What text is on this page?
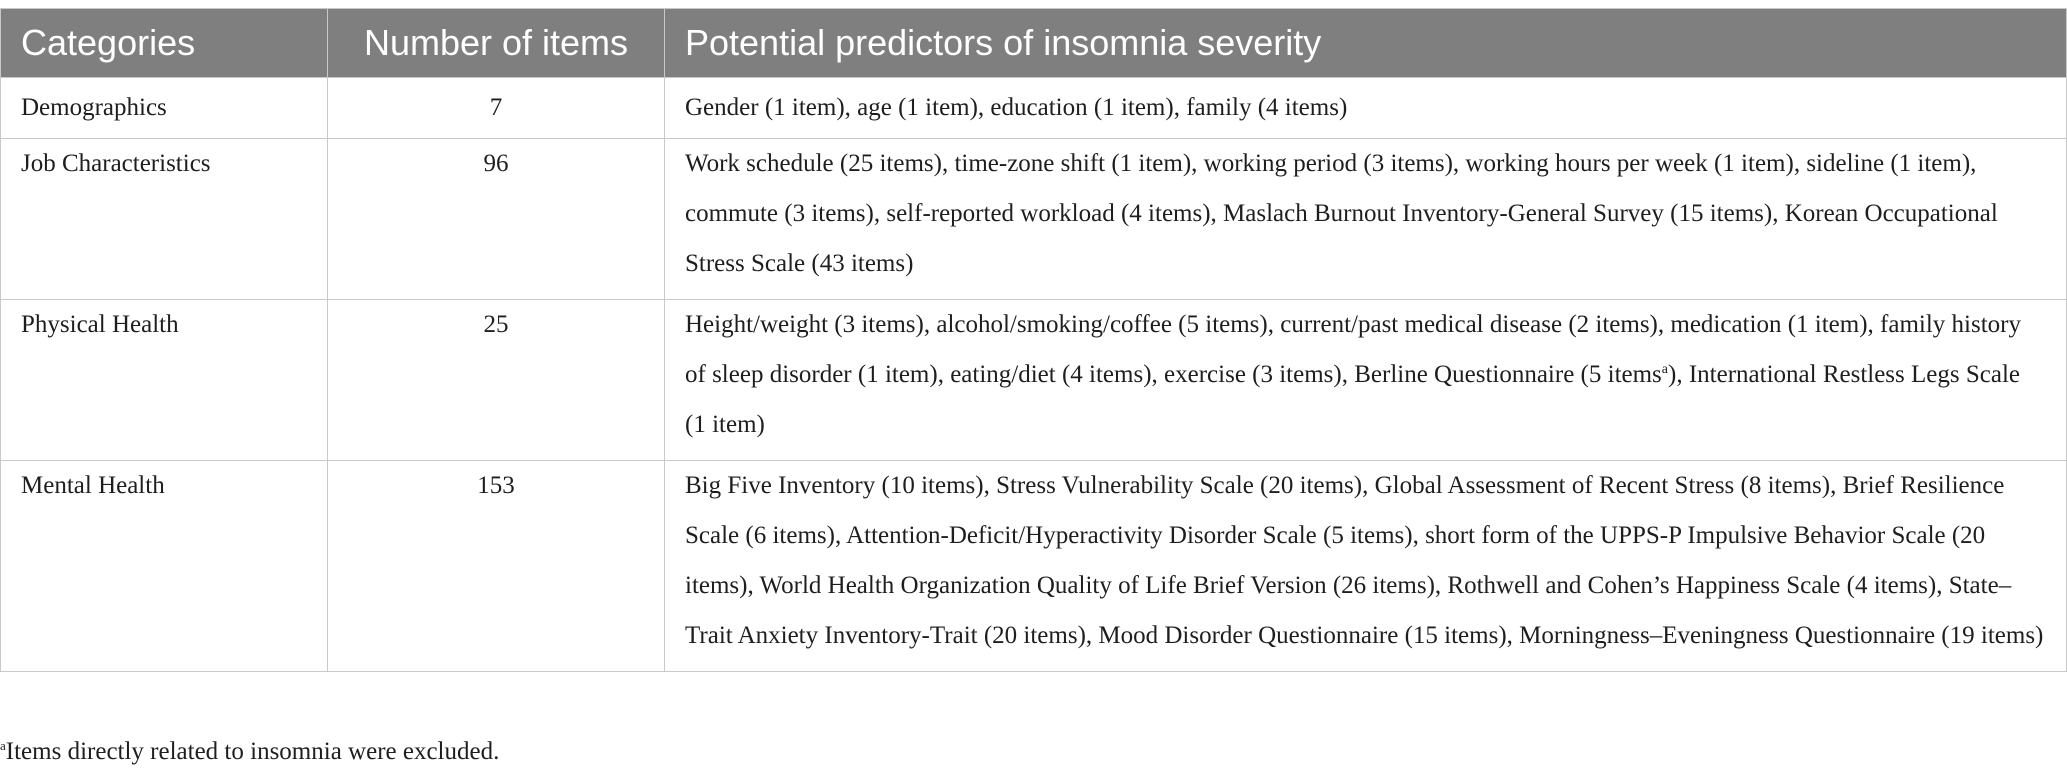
Categories	Number of items	Potential predictors of insomnia severity
Demographics	7	Gender (1 item), age (1 item), education (1 item), family (4 items)
Job Characteristics	96	Work schedule (25 items), time-zone shift (1 item), working period (3 items), working hours per week (1 item), sideline (1 item), commute (3 items), self-reported workload (4 items), Maslach Burnout Inventory-General Survey (15 items), Korean Occupational Stress Scale (43 items)
Physical Health	25	Height/weight (3 items), alcohol/smoking/coffee (5 items), current/past medical disease (2 items), medication (1 item), family history of sleep disorder (1 item), eating/diet (4 items), exercise (3 items), Berline Questionnaire (5 items$^a$), International Restless Legs Scale (1 item)
Mental Health	153	Big Five Inventory (10 items), Stress Vulnerability Scale (20 items), Global Assessment of Recent Stress (8 items), Brief Resilience Scale (6 items), Attention-Deficit/Hyperactivity Disorder Scale (5 items), short form of the UPPS-P Impulsive Behavior Scale (20 items), World Health Organization Quality of Life Brief Version (26 items), Rothwell and Cohen’s Happiness Scale (4 items), State–Trait Anxiety Inventory-Trait (20 items), Mood Disorder Questionnaire (15 items), Morningness–Eveningness Questionnaire (19 items)
$^a$Items directly related to insomnia were excluded.
